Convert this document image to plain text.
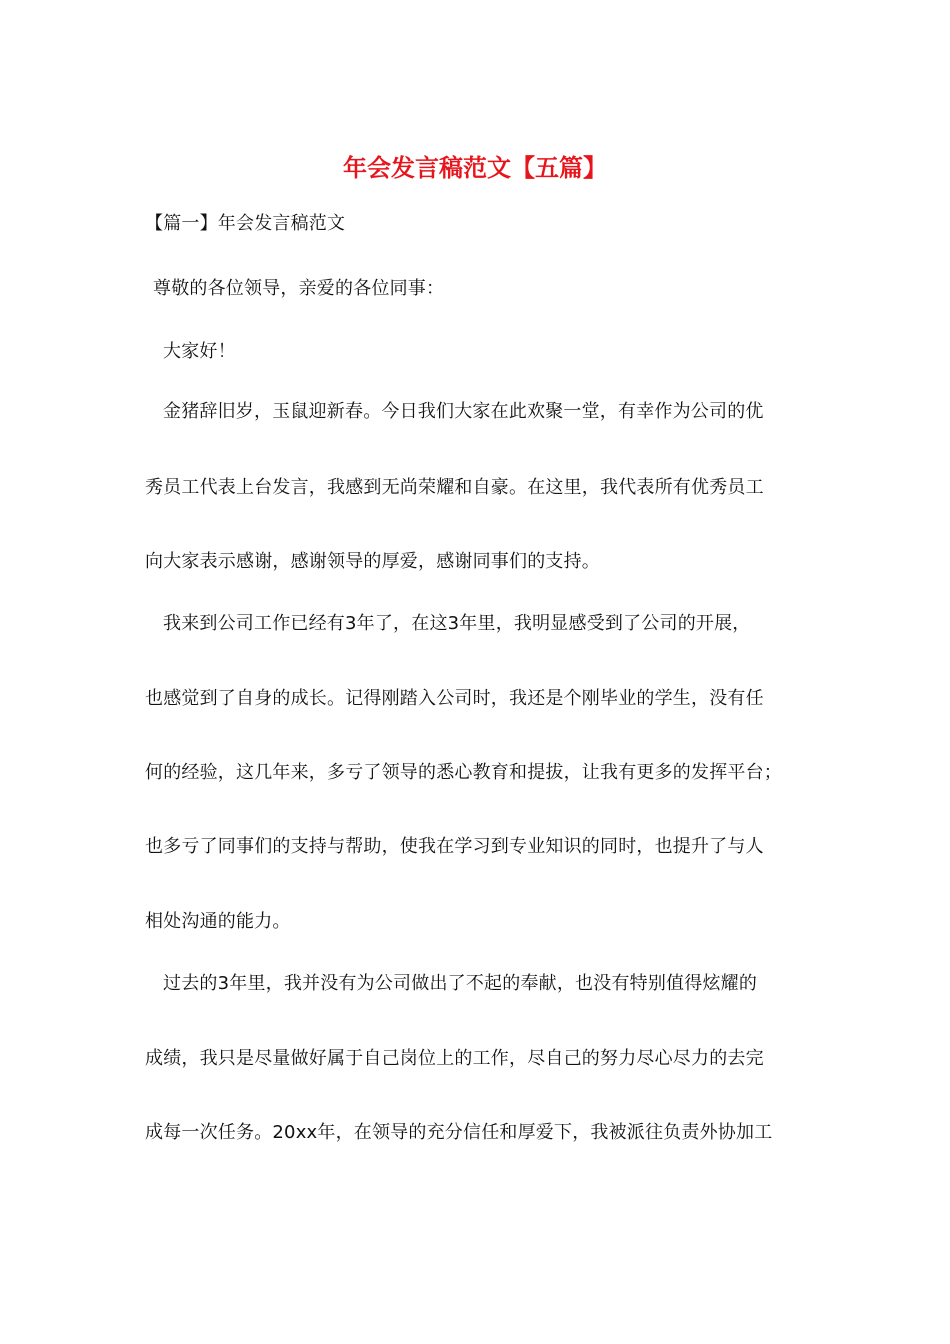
年会发言稿范文【五篇】
【篇一】年会发言稿范文
尊敬的各位领导，亲爱的各位同事：
大家好！
金猪辞旧岁，玉鼠迎新春。今日我们大家在此欢聚一堂，有幸作为公司的优
秀员工代表上台发言，我感到无尚荣耀和自豪。在这里，我代表所有优秀员工
向大家表示感谢，感谢领导的厚爱，感谢同事们的支持。
我来到公司工作已经有3年了，在这3年里，我明显感受到了公司的开展，
也感觉到了自身的成长。记得刚踏入公司时，我还是个刚毕业的学生，没有任
何的经验，这几年来，多亏了领导的悉心教育和提拔，让我有更多的发挥平台；
也多亏了同事们的支持与帮助，使我在学习到专业知识的同时，也提升了与人
相处沟通的能力。
过去的3年里，我并没有为公司做出了不起的奉献，也没有特别值得炫耀的
成绩，我只是尽量做好属于自己岗位上的工作，尽自己的努力尽心尽力的去完
成每一次任务。20xx年，在领导的充分信任和厚爱下，我被派往负责外协加工
